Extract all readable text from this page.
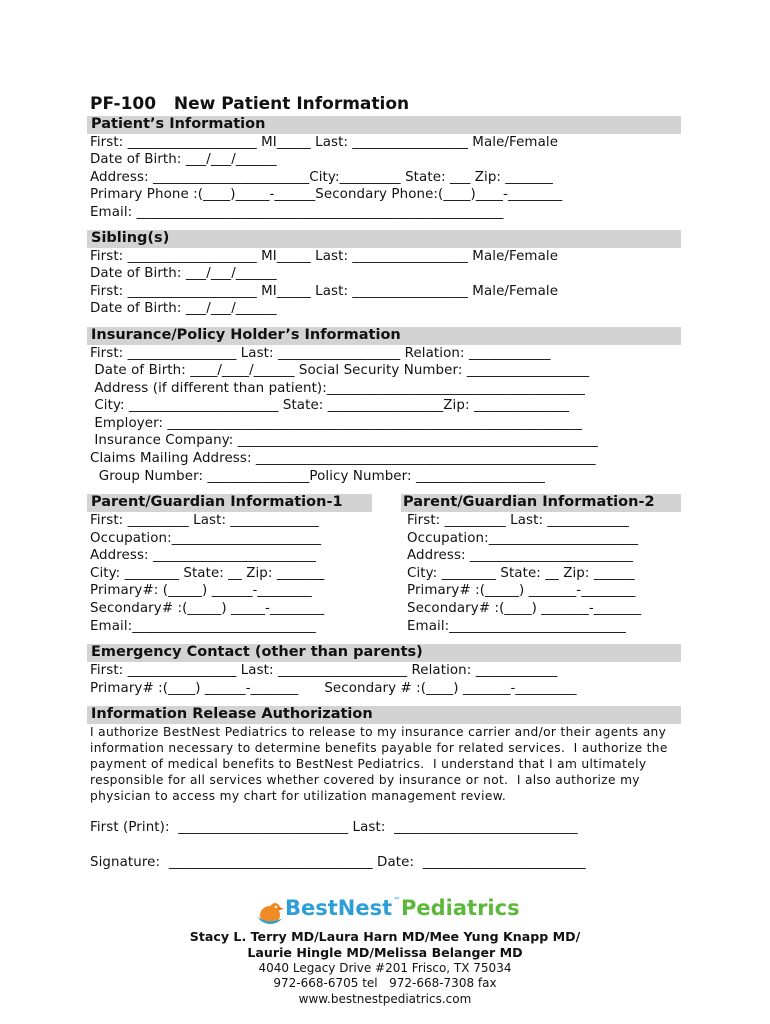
PF-100   New Patient Information
Patient’s Information
First: ___________________ MI_____ Last: _________________ Male/Female
Date of Birth: ___/___/______
Address: _______________________City:_________ State: ___ Zip: _______
Primary Phone :(____)_____-______Secondary Phone:(____)____-________
Email: ______________________________________________________
Sibling(s)
First: ___________________ MI_____ Last: _________________ Male/Female
Date of Birth: ___/___/______
First: ___________________ MI_____ Last: _________________ Male/Female
Date of Birth: ___/___/______
Insurance/Policy Holder’s Information
First: ________________ Last: __________________ Relation: ____________
Date of Birth: ____/____/______ Social Security Number: __________________
Address (if different than patient):______________________________________
City: ______________________ State: _________________Zip: ______________
Employer: _____________________________________________________________
Insurance Company: _____________________________________________________
Claims Mailing Address: __________________________________________________
Group Number: _______________Policy Number: ___________________
Parent/Guardian Information-1	Parent/Guardian Information-2
First: _________ Last: _____________
Occupation:______________________
Address: ________________________
City: ________ State: __ Zip: _______
Primary#: (_____) ______-________
Secondary# :(_____) _____-________
Email:___________________________
First: _________ Last: ____________
Occupation:______________________
Address: ________________________
City: ________ State: __ Zip: ______
Primary# :(_____) _______-________
Secondary# :(____) _______-_______
Email:__________________________
Emergency Contact (other than parents)
First: ________________ Last: ___________________ Relation: ____________
Primary# :(____) ______-_______      Secondary # :(____) _______-_________
Information Release Authorization
I authorize BestNest Pediatrics to release to my insurance carrier and/or their agents any
information necessary to determine benefits payable for related services.  I authorize the
payment of medical benefits to BestNest Pediatrics.  I understand that I am ultimately
responsible for all services whether covered by insurance or not.  I also authorize my
physician to access my chart for utilization management review.
First (Print):  _________________________ Last:  ___________________________
Signature:  ______________________________ Date:  ________________________

BestNest

™

Pediatrics

Stacy L. Terry MD/Laura Harn MD/Mee Yung Knapp MD/
Laurie Hingle MD/Melissa Belanger MD
4040 Legacy Drive #201 Frisco, TX 75034
972-668-6705 tel   972-668-7308 fax
www.bestnestpediatrics.com
